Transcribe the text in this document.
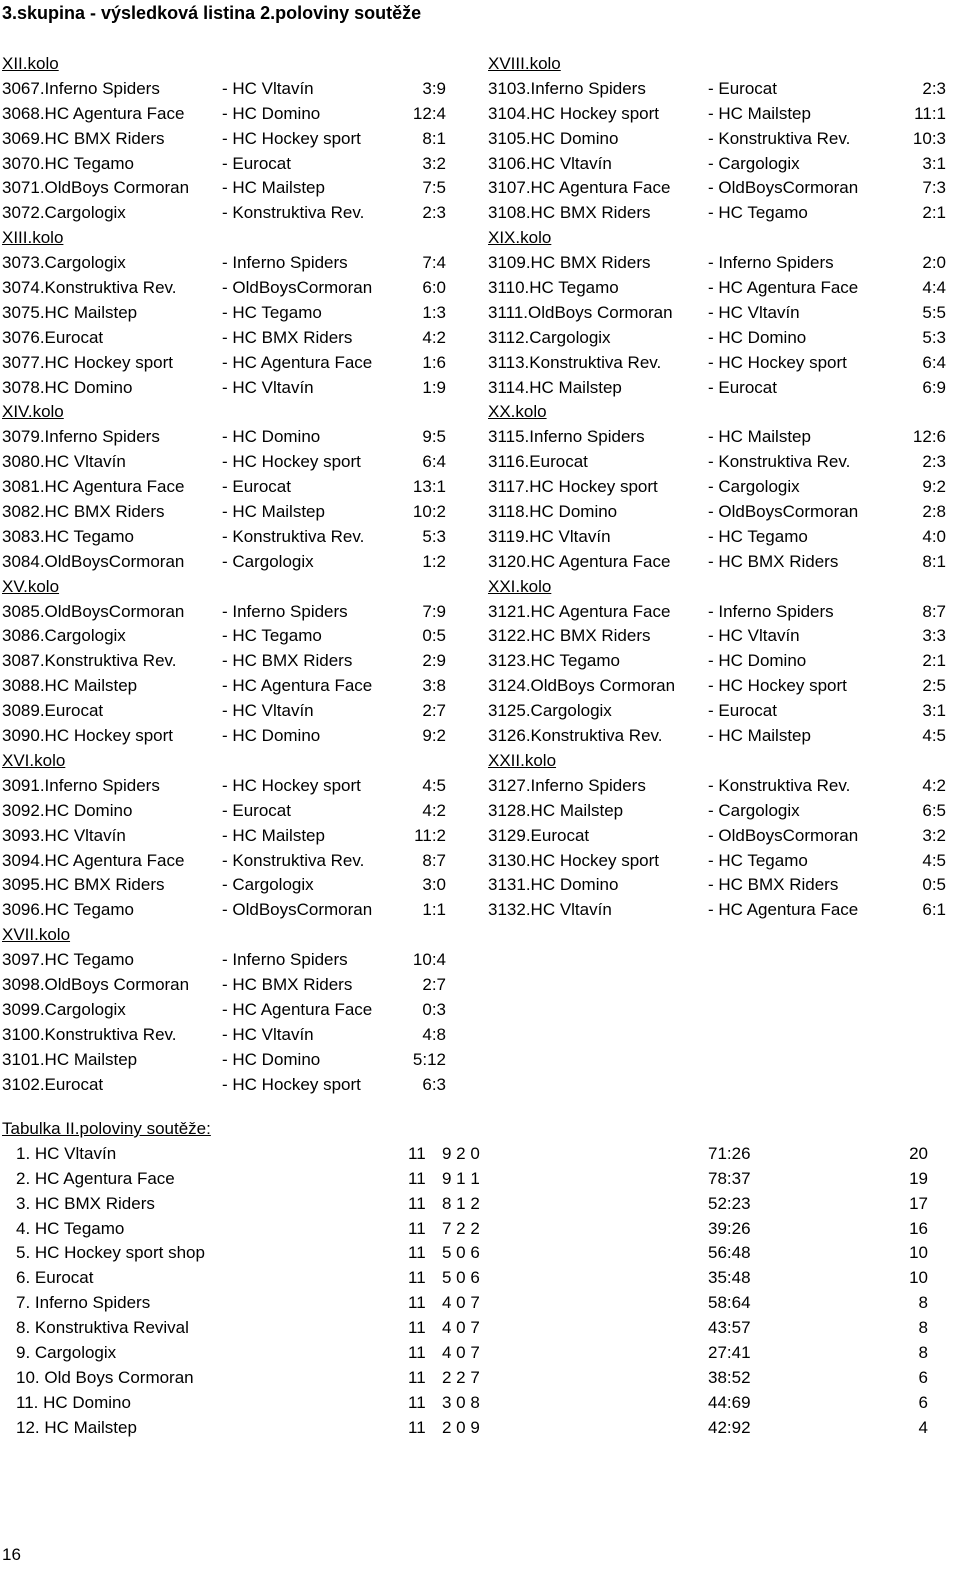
3.skupina - výsledková listina 2.poloviny soutěže
XII.kolo
3067.Inferno Spiders	- HC Vltavín	3:9
3068.HC Agentura Face - HC Domino	12:4
3069.HC BMX Riders	- HC Hockey sport	8:1
3070.HC Tegamo	- Eurocat	3:2
3071.OldBoys Cormoran - HC Mailstep	7:5
3072.Cargologix	- Konstruktiva Rev.	2:3
XIII.kolo
3073.Cargologix	- Inferno Spiders	7:4
3074.Konstruktiva Rev.	- OldBoysCormoran	6:0
3075.HC Mailstep	- HC Tegamo	1:3
3076.Eurocat	- HC BMX Riders	4:2
3077.HC Hockey sport	- HC Agentura Face	1:6
3078.HC Domino	- HC Vltavín	1:9
XIV.kolo
3079.Inferno Spiders	- HC Domino	9:5
3080.HC Vltavín	- HC Hockey sport	6:4
3081.HC Agentura Face - Eurocat	13:1
3082.HC BMX Riders	- HC Mailstep	10:2
3083.HC Tegamo	- Konstruktiva Rev.	5:3
3084.OldBoysCormoran - Cargologix	1:2
XV.kolo
3085.OldBoysCormoran - Inferno Spiders	7:9
3086.Cargologix	- HC Tegamo	0:5
3087.Konstruktiva Rev.	- HC BMX Riders	2:9
3088.HC Mailstep	- HC Agentura Face	3:8
3089.Eurocat	- HC Vltavín	2:7
3090.HC Hockey sport	- HC Domino	9:2
XVI.kolo
3091.Inferno Spiders	- HC Hockey sport	4:5
3092.HC Domino	- Eurocat	4:2
3093.HC Vltavín	- HC Mailstep	11:2
3094.HC Agentura Face - Konstruktiva Rev.	8:7
3095.HC BMX Riders	- Cargologix	3:0
3096.HC Tegamo	- OldBoysCormoran	1:1
XVII.kolo
3097.HC Tegamo	- Inferno Spiders	10:4
3098.OldBoys Cormoran - HC BMX Riders	2:7
3099.Cargologix	- HC Agentura Face	0:3
3100.Konstruktiva Rev.	- HC Vltavín	4:8
3101.HC Mailstep	- HC Domino	5:12
3102.Eurocat	- HC Hockey sport	6:3
XVIII.kolo
3103.Inferno Spiders	- Eurocat	2:3
3104.HC Hockey sport	- HC Mailstep	11:1
3105.HC Domino	- Konstruktiva Rev.	10:3
3106.HC Vltavín	- Cargologix	3:1
3107.HC Agentura Face - OldBoysCormoran	7:3
3108.HC BMX Riders	- HC Tegamo	2:1
XIX.kolo
3109.HC BMX Riders	- Inferno Spiders	2:0
3110.HC Tegamo	- HC Agentura Face	4:4
3111.OldBoys Cormoran - HC Vltavín	5:5
3112.Cargologix	- HC Domino	5:3
3113.Konstruktiva Rev.	- HC Hockey sport	6:4
3114.HC Mailstep	- Eurocat	6:9
XX.kolo
3115.Inferno Spiders	- HC Mailstep	12:6
3116.Eurocat	- Konstruktiva Rev.	2:3
3117.HC Hockey sport	- Cargologix	9:2
3118.HC Domino	- OldBoysCormoran	2:8
3119.HC Vltavín	- HC Tegamo	4:0
3120.HC Agentura Face - HC BMX Riders	8:1
XXI.kolo
3121.HC Agentura Face - Inferno Spiders	8:7
3122.HC BMX Riders	- HC Vltavín	3:3
3123.HC Tegamo	- HC Domino	2:1
3124.OldBoys Cormoran - HC Hockey sport	2:5
3125.Cargologix	- Eurocat	3:1
3126.Konstruktiva Rev.	- HC Mailstep	4:5
XXII.kolo
3127.Inferno Spiders	- Konstruktiva Rev.	4:2
3128.HC Mailstep	- Cargologix	6:5
3129.Eurocat	- OldBoysCormoran	3:2
3130.HC Hockey sport	- HC Tegamo	4:5
3131.HC Domino	- HC BMX Riders	0:5
3132.HC Vltavín	- HC Agentura Face	6:1
Tabulka II.poloviny soutěže:
1. HC Vltavín	11 9 2 0	71:26	20
2. HC Agentura Face	11 9 1 1	78:37	19
3. HC BMX Riders	11 8 1 2	52:23	17
4. HC Tegamo	11 7 2 2	39:26	16
5. HC Hockey sport shop	11 5 0 6	56:48	10
6. Eurocat	11 5 0 6	35:48	10
7. Inferno Spiders	11 4 0 7	58:64	8
8. Konstruktiva Revival	11 4 0 7	43:57	8
9. Cargologix	11 4 0 7	27:41	8
10. Old Boys Cormoran	11 2 2 7	38:52	6
11. HC Domino	11 3 0 8	44:69	6
12. HC Mailstep	11 2 0 9	42:92	4
16
